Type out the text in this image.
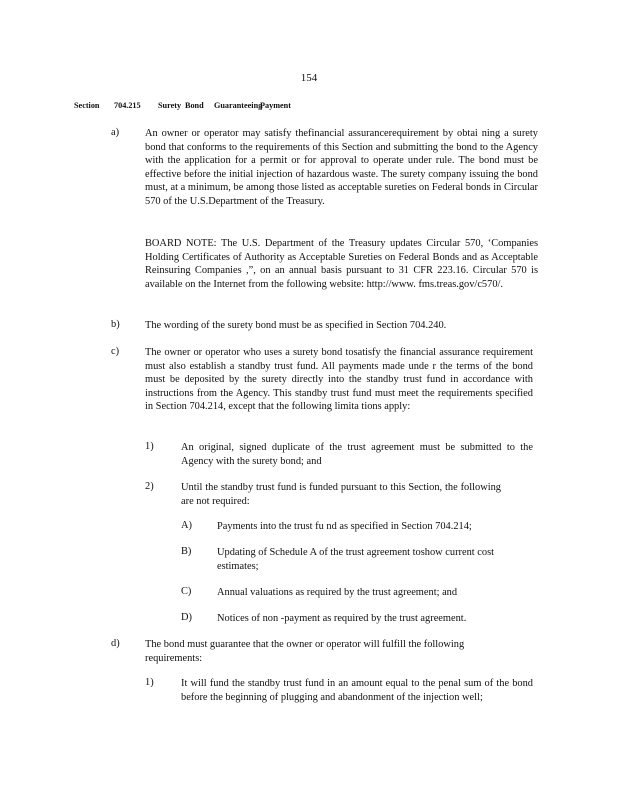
154
Section	704.215	Surety Bond	Guaranteeing
Payment
a) An owner or operator may satisfy thefinancial assurancerequirement by obtai ning a surety bond that conforms to the requirements of this Section and submitting the bond to the Agency with the application for a permit or for approval to operate under rule. The bond must be effective before the initial injection of hazardous waste. The surety company issuing the bond must, at a minimum, be among those listed as acceptable sureties on Federal bonds in Circular 570 of the U.S.Department of the Treasury.
BOARD NOTE: The U.S. Department of the Treasury updates Circular 570, ‘Companies Holding Certificates of Authority as Acceptable Sureties on Federal Bonds and as Acceptable Reinsuring Companies ,”, on an annual basis pursuant to 31 CFR 223.16. Circular 570 is available on the Internet from the following website: http://www. fms.treas.gov/c570/.
b) The wording of the surety bond must be as specified in Section 704.240.
c) The owner or operator who uses a surety bond tosatisfy the financial assurance requirement must also establish a standby trust fund. All payments made unde r the terms of the bond must be deposited by the surety directly into the standby trust fund in accordance with instructions from the Agency. This standby trust fund must meet the requirements specified in Section 704.214, except that the following limita tions apply:
1)	An original, signed duplicate of the trust agreement must be submitted to the Agency with the surety bond; and
2)	Until the standby trust fund is funded pursuant to this Section, the following are not required:
A) Payments into the trust fu nd as specified in Section 704.214;
B) Updating of Schedule A of the trust agreement toshow current cost estimates;
C) Annual valuations as required by the trust agreement; and
D) Notices of non -payment as required by the trust agreement.
d) The bond must guarantee that the owner or operator will fulfill the following requirements:
1)	It will fund the standby trust fund in an amount equal to the penal sum of the bond before the beginning of plugging and abandonment of the injection well;
